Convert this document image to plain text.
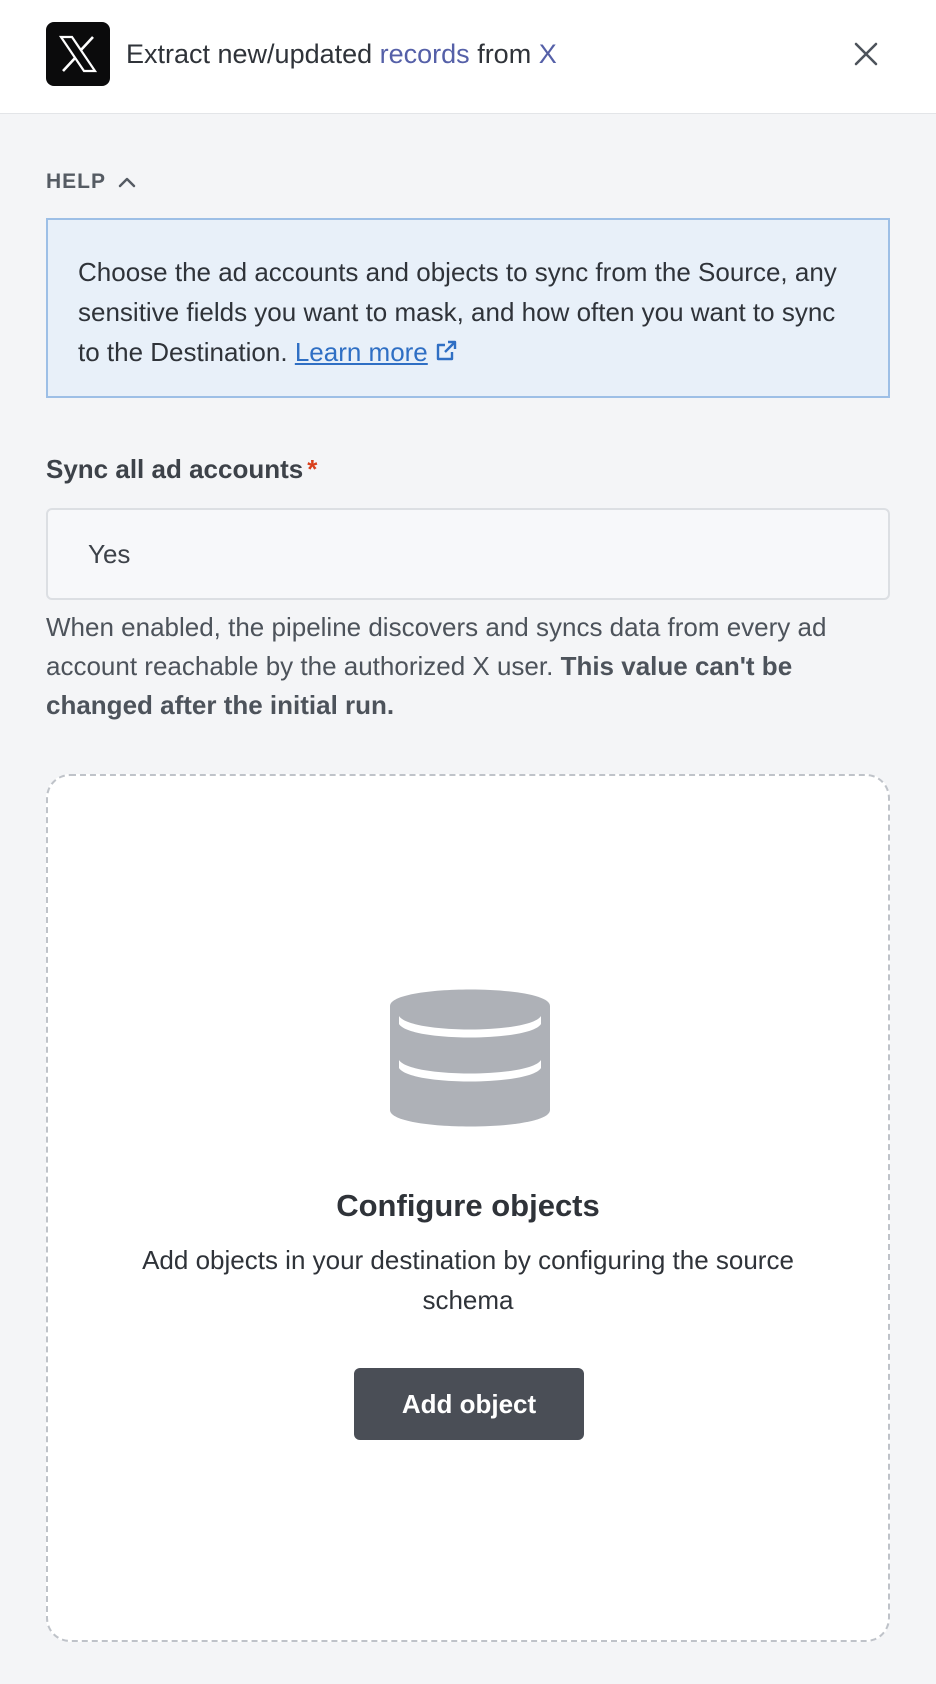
Extract new/updated records from X
HELP
Choose the ad accounts and objects to sync from the Source, any sensitive fields you want to mask, and how often you want to sync to the Destination. Learn more
Sync all ad accounts *
Yes
When enabled, the pipeline discovers and syncs data from every ad account reachable by the authorized X user. This value can't be changed after the initial run.
Configure objects
Add objects in your destination by configuring the source schema
Add object
